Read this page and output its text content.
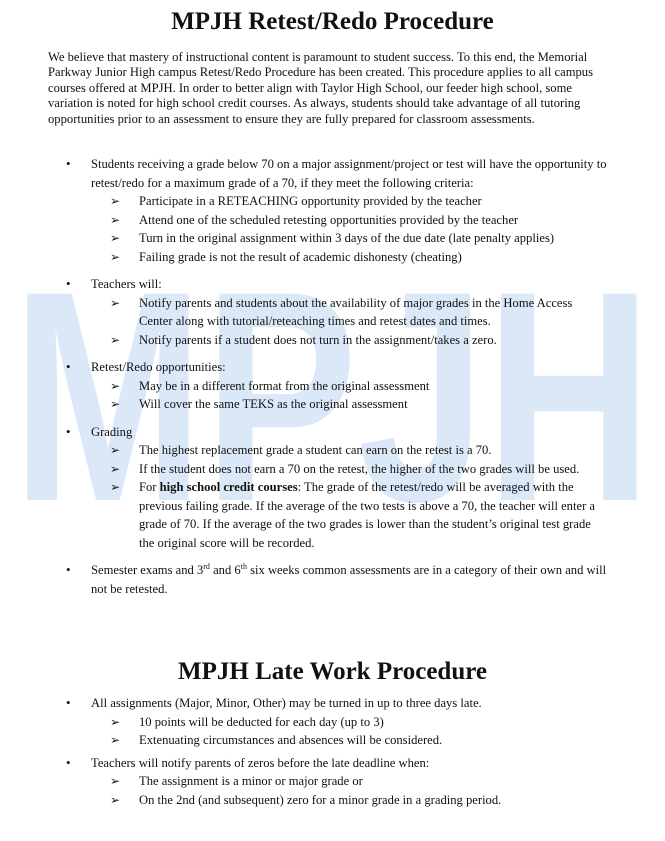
MPJH
MPJH Retest/Redo Procedure

We believe that mastery of instructional content is paramount to student success. To this end, the Memorial Parkway Junior High campus Retest/Redo Procedure has been created. This procedure applies to all campus courses offered at MPJH. In order to better align with Taylor High School, our feeder high school, some variation is noted for high school credit courses. As always, students should take advantage of all tutoring opportunities prior to an assessment to ensure they are fully prepared for classroom assessments.

• Students receiving a grade below 70 on a major assignment/project or test will have the opportunity to retest/redo for a maximum grade of a 70, if they meet the following criteria:
➢ Participate in a RETEACHING opportunity provided by the teacher
➢ Attend one of the scheduled retesting opportunities provided by the teacher
➢ Turn in the original assignment within 3 days of the due date (late penalty applies)
➢ Failing grade is not the result of academic dishonesty (cheating)
• Teachers will:
➢ Notify parents and students about the availability of major grades in the Home Access Center along with tutorial/reteaching times and retest dates and times.
➢ Notify parents if a student does not turn in the assignment/takes a zero.
• Retest/Redo opportunities:
➢ May be in a different format from the original assessment
➢ Will cover the same TEKS as the original assessment
• Grading
➢ The highest replacement grade a student can earn on the retest is a 70.
➢ If the student does not earn a 70 on the retest, the higher of the two grades will be used.
➢ For high school credit courses: The grade of the retest/redo will be averaged with the previous failing grade. If the average of the two tests is above a 70, the teacher will enter a grade of 70. If the average of the two grades is lower than the student’s original test grade the original score will be recorded.
• Semester exams and 3rd and 6th six weeks common assessments are in a category of their own and will not be retested.
MPJH Late Work Procedure
• All assignments (Major, Minor, Other) may be turned in up to three days late.
➢ 10 points will be deducted for each day (up to 3)
➢ Extenuating circumstances and absences will be considered.
• Teachers will notify parents of zeros before the late deadline when:
➢ The assignment is a minor or major grade or
➢ On the 2nd (and subsequent) zero for a minor grade in a grading period.
